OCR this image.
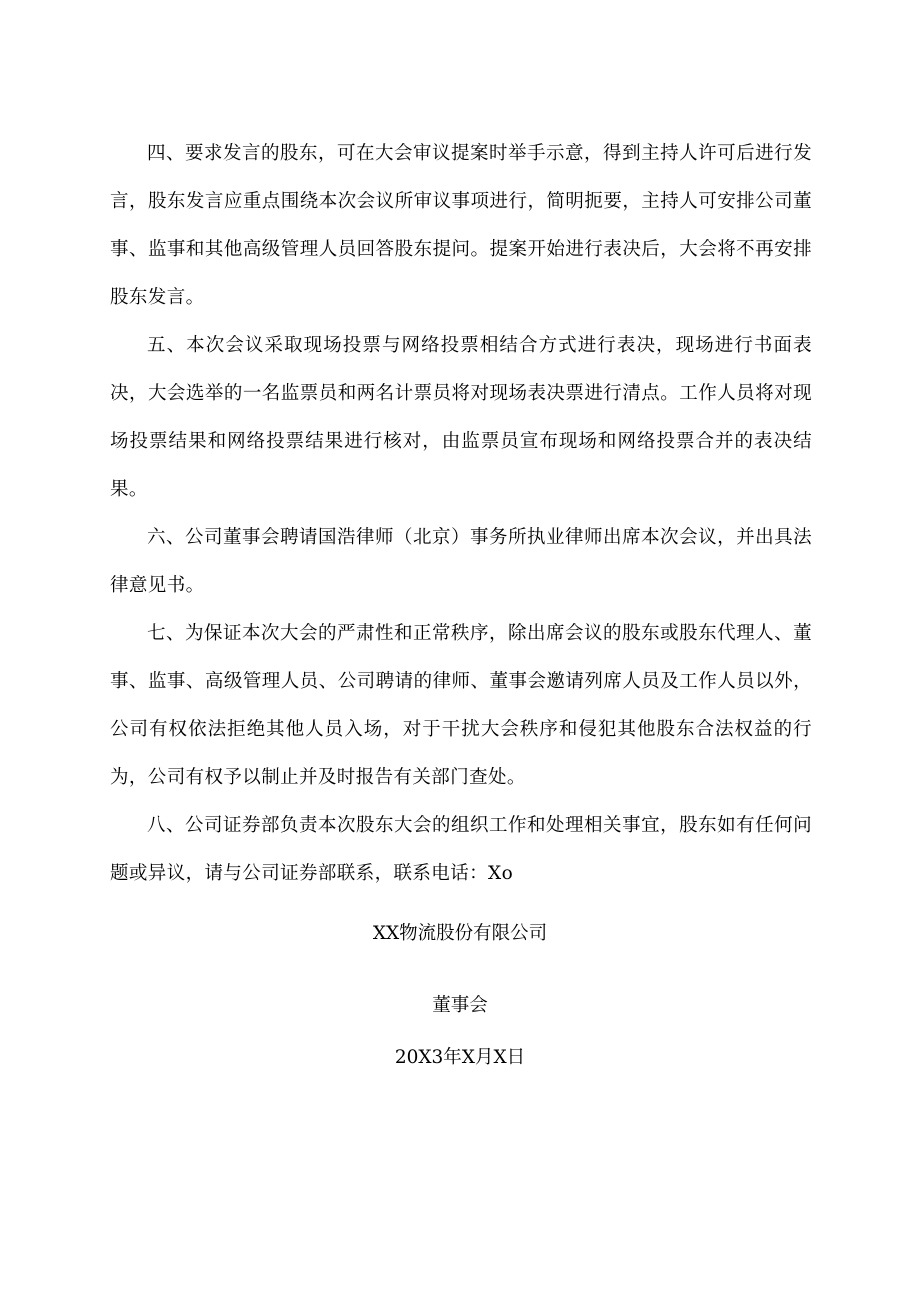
四、要求发言的股东，可在大会审议提案时举手示意，得到主持人许可后进行发言，股东发言应重点围绕本次会议所审议事项进行，简明扼要，主持人可安排公司董事、监事和其他高级管理人员回答股东提问。提案开始进行表决后，大会将不再安排股东发言。

五、本次会议采取现场投票与网络投票相结合方式进行表决，现场进行书面表决，大会选举的一名监票员和两名计票员将对现场表决票进行清点。工作人员将对现场投票结果和网络投票结果进行核对，由监票员宣布现场和网络投票合并的表决结果。

六、公司董事会聘请国浩律师（北京）事务所执业律师出席本次会议，并出具法律意见书。

七、为保证本次大会的严肃性和正常秩序，除出席会议的股东或股东代理人、董事、监事、高级管理人员、公司聘请的律师、董事会邀请列席人员及工作人员以外，公司有权依法拒绝其他人员入场，对于干扰大会秩序和侵犯其他股东合法权益的行为，公司有权予以制止并及时报告有关部门查处。

八、公司证券部负责本次股东大会的组织工作和处理相关事宜，股东如有任何问题或异议，请与公司证券部联系，联系电话：Xo

XX物流股份有限公司

董事会

20X3年X月X日
